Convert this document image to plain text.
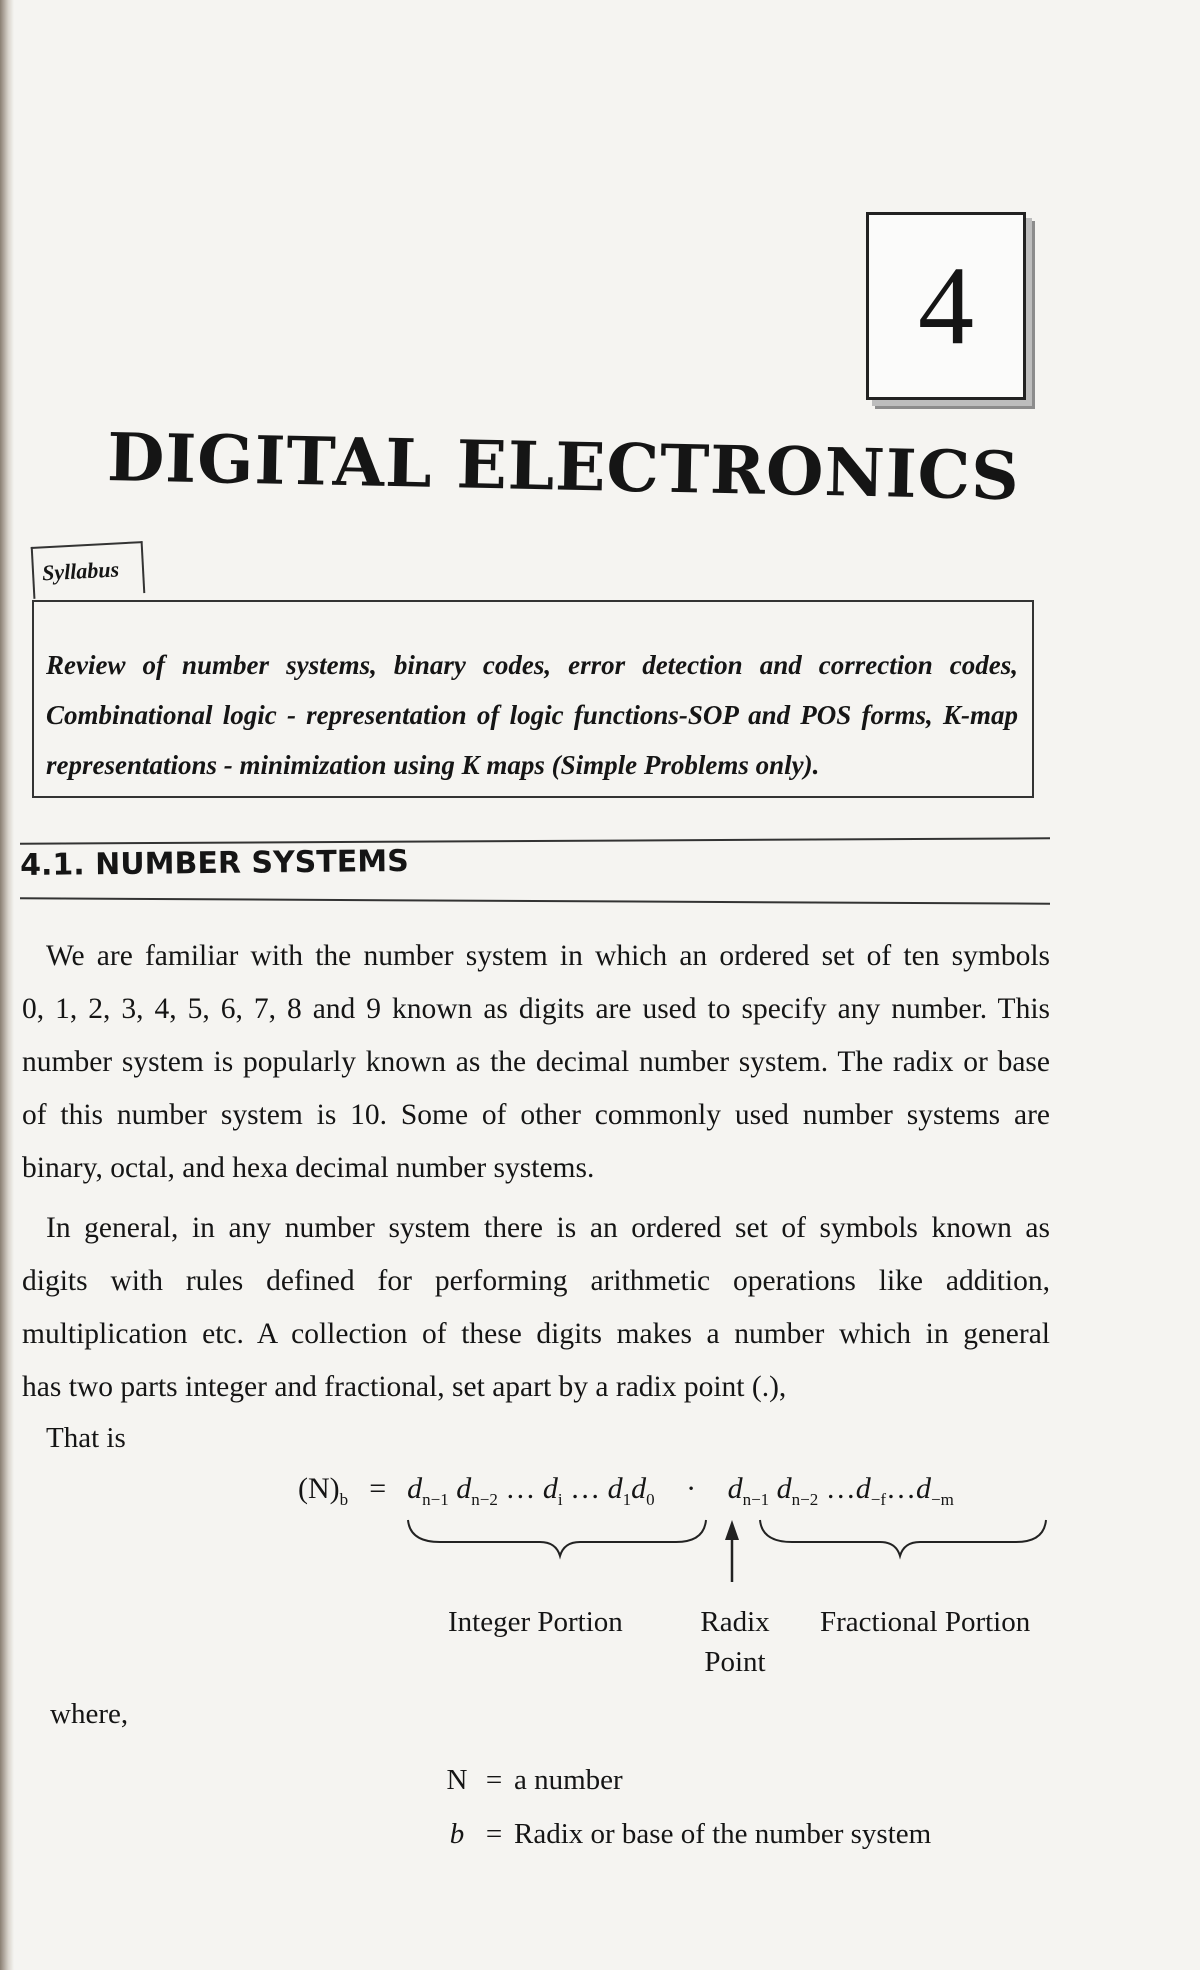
4
DIGITAL ELECTRONICS
Syllabus
Review of number systems, binary codes, error detection and correction codes,
Combinational logic - representation of logic functions-SOP and POS forms, K-map
representations - minimization using K maps (Simple Problems only).
4.1. NUMBER SYSTEMS
We are familiar with the number system in which an ordered set of ten symbols
0, 1, 2, 3, 4, 5, 6, 7, 8 and 9 known as digits are used to specify any number. This
number system is popularly known as the decimal number system. The radix or base
of this number system is 10. Some of other commonly used number systems are
binary, octal, and hexa decimal number systems.
In general, in any number system there is an ordered set of symbols known as
digits with rules defined for performing arithmetic operations like addition,
multiplication etc. A collection of these digits makes a number which in general
has two parts integer and fractional, set apart by a radix point (.),
That is
$(N)_b = d_{n-1}$ $d_{n-2}$ … $d_i$ … $d_1d_0 \cdot d_{n-1}$ $d_{n-2}$ $\dots d_{-f}\dots d_{-m}$
Integer Portion	Radix
Point
Fractional Portion
where,
N = a number
b = Radix or base of the number system
